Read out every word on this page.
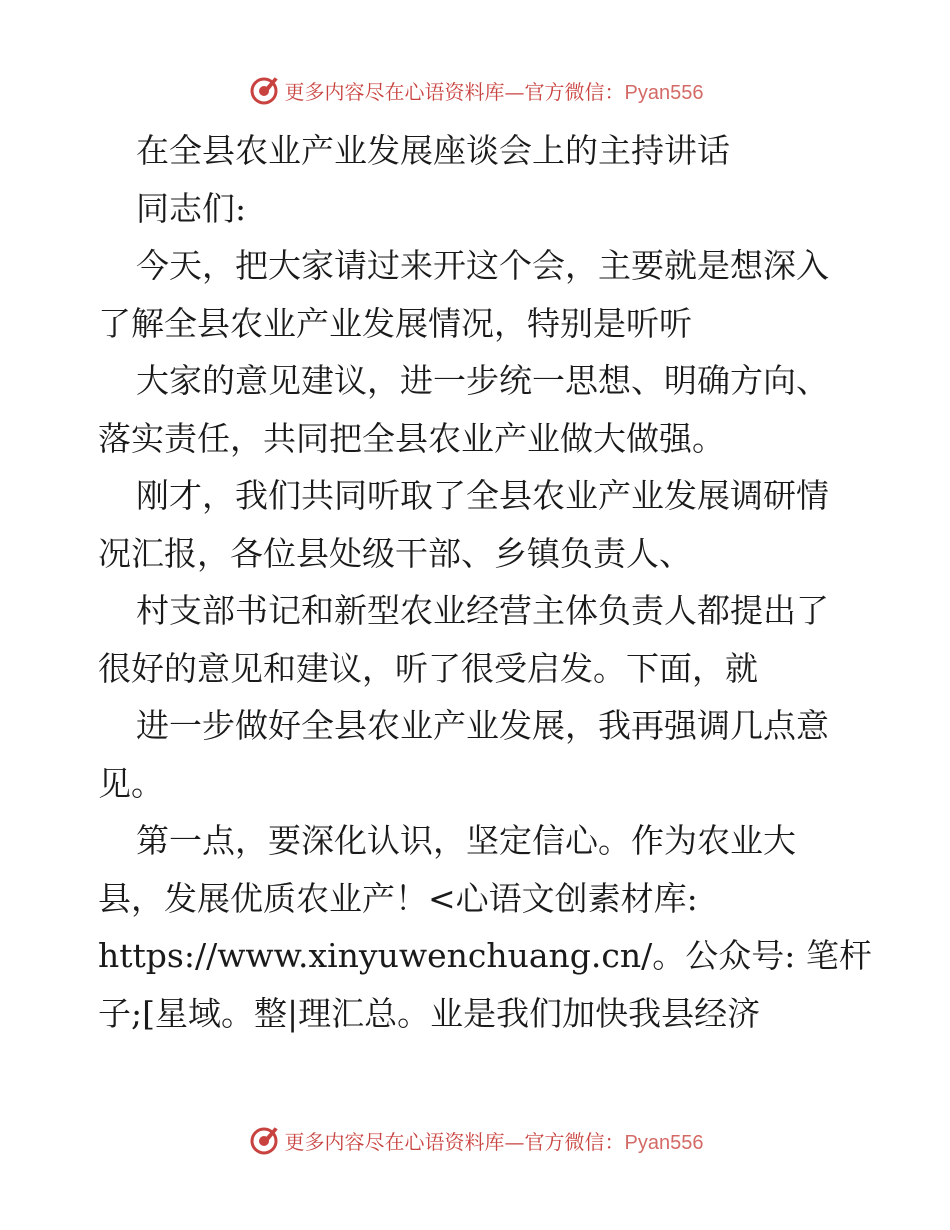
更多内容尽在心语资料库—官方微信：Pyan556
在全县农业产业发展座谈会上的主持讲话
同志们:
今天，把大家请过来开这个会，主要就是想深入
了解全县农业产业发展情况，特别是听听
大家的意见建议，进一步统一思想、明确方向、
落实责任，共同把全县农业产业做大做强。
刚才，我们共同听取了全县农业产业发展调研情
况汇报，各位县处级干部、乡镇负责人、
村支部书记和新型农业经营主体负责人都提出了
很好的意见和建议，听了很受启发。下面，就
进一步做好全县农业产业发展，我再强调几点意
见。
第一点，要深化认识，坚定信心。作为农业大
县，发展优质农业产！<心语文创素材库:
https://www.xinyuwenchuang.cn/。公众号: 笔杆
子;[星域。整|理汇总。业是我们加快我县经济
更多内容尽在心语资料库—官方微信：Pyan556
